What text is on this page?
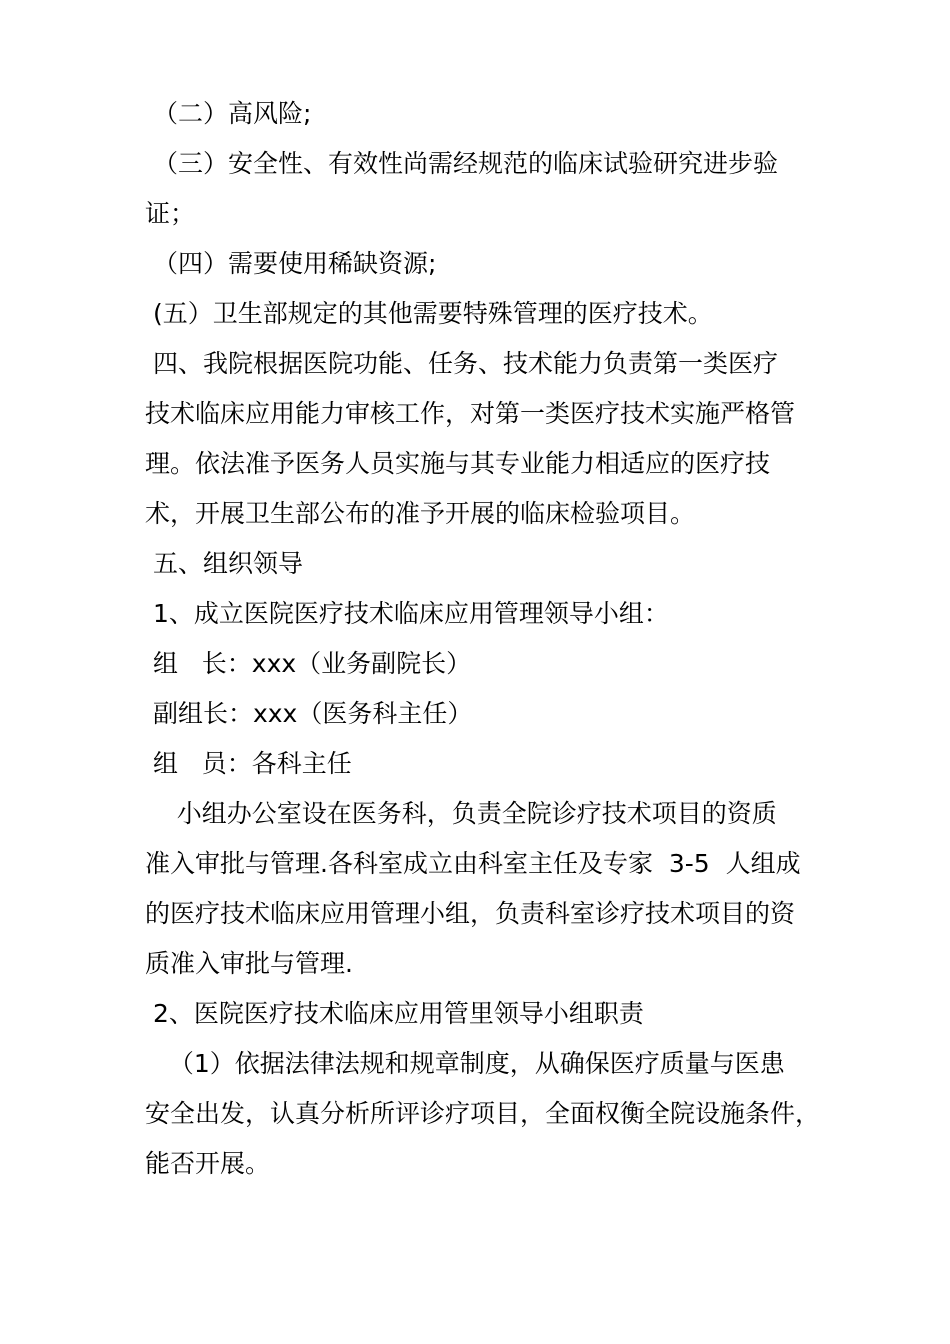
（二）高风险;
（三）安全性、有效性尚需经规范的临床试验研究进步验
证；
（四）需要使用稀缺资源;
(五）卫生部规定的其他需要特殊管理的医疗技术。
四、我院根据医院功能、任务、技术能力负责第一类医疗
技术临床应用能力审核工作，对第一类医疗技术实施严格管
理。依法准予医务人员实施与其专业能力相适应的医疗技
术，开展卫生部公布的准予开展的临床检验项目。
五、组织领导
1、成立医院医疗技术临床应用管理领导小组：
组   长：xxx（业务副院长）
副组长：xxx（医务科主任）
组   员：各科主任
小组办公室设在医务科，负责全院诊疗技术项目的资质
准入审批与管理.各科室成立由科室主任及专家  3-5  人组成
的医疗技术临床应用管理小组，负责科室诊疗技术项目的资
质准入审批与管理.
2、医院医疗技术临床应用管里领导小组职责
（1）依据法律法规和规章制度，从确保医疗质量与医患
安全出发，认真分析所评诊疗项目，全面权衡全院设施条件，
能否开展。
